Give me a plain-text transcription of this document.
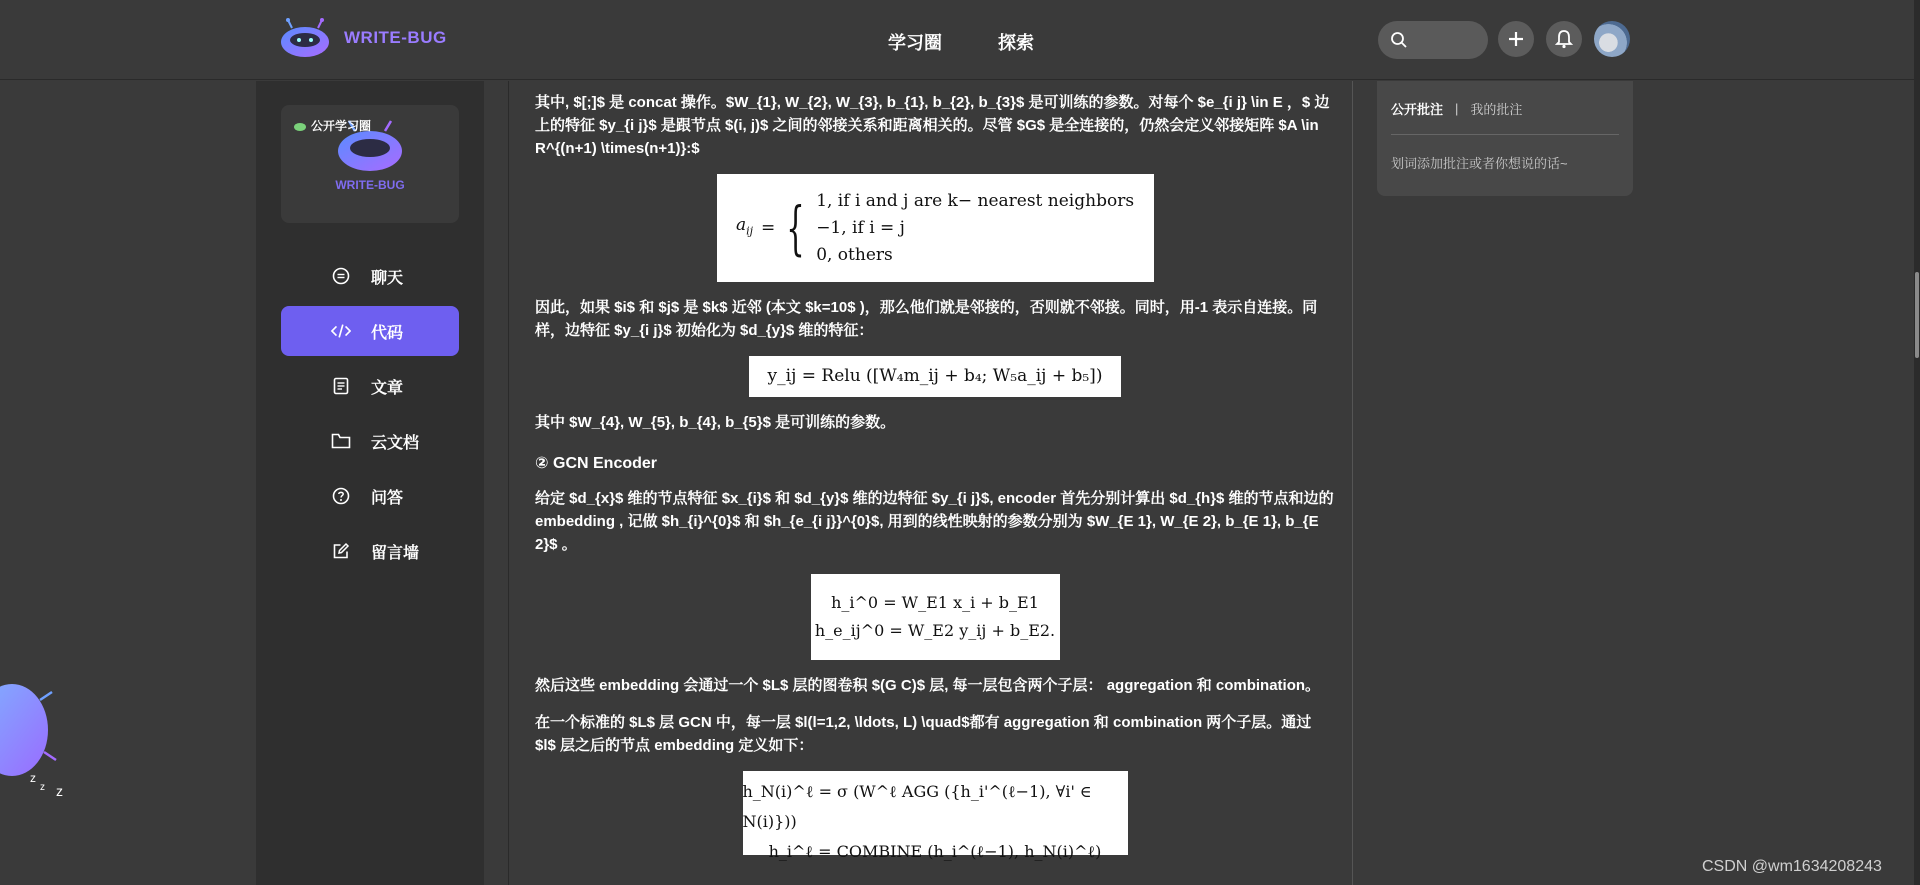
WRITE-BUG	学习圈	探索
公开学习圈
WRITE-BUG
聊天
代码
文章
云文档
问答
留言墙

其中, $[;]$ 是 concat 操作。$W_{1}, W_{2}, W_{3}, b_{1}, b_{2}, b_{3}$ 是可训练的参数。对每个 $e_{i j} \in E ，$ 边上的特征 $y_{i j}$ 是跟节点 $(i, j)$ 之间的邻接关系和距离相关的。尽管 $G$ 是全连接的，仍然会定义邻接矩阵 $A \in R^{(n+1) \times(n+1)}:$

$a_{ij}$ = { 1, if i and j are k− nearest neighbors
−1, if i = j
0, others

因此，如果 $i$ 和 $j$ 是 $k$ 近邻 (本文 $k=10$ )，那么他们就是邻接的，否则就不邻接。同时，用-1 表示自连接。同样，边特征 $y_{i j}$ 初始化为 $d_{y}$ 维的特征：

y_ij = Relu ([W₄m_ij + b₄; W₅a_ij + b₅])

其中 $W_{4}, W_{5}, b_{4}, b_{5}$ 是可训练的参数。

② GCN Encoder

给定 $d_{x}$ 维的节点特征 $x_{i}$ 和 $d_{y}$ 维的边特征 $y_{i j}$, encoder 首先分别计算出 $d_{h}$ 维的节点和边的 embedding , 记做 $h_{i}^{0}$ 和 $h_{e_{i j}}^{0}$, 用到的线性映射的参数分别为 $W_{E 1}, W_{E 2}, b_{E 1}, b_{E 2}$ 。

h_i^0 = W_E1 x_i + b_E1
h_e_ij^0 = W_E2 y_ij + b_E2.

然后这些 embedding 会通过一个 $L$ 层的图卷积 $(G C)$ 层, 每一层包含两个子层： aggregation 和 combination。

在一个标准的 $L$ 层 GCN 中，每一层 $l(l=1,2, \ldots, L) \quad$都有 aggregation 和 combination 两个子层。通过 $l$ 层之后的节点 embedding 定义如下：

h_N(i)^ℓ = σ (W^ℓ AGG ({h_i'^(ℓ−1), ∀i' ∈ N(i)}))
h_i^ℓ = COMBINE (h_i^(ℓ−1), h_N(i)^ℓ)
公开批注 | 我的批注
划词添加批注或者你想说的话~
z
z z
CSDN @wm1634208243
